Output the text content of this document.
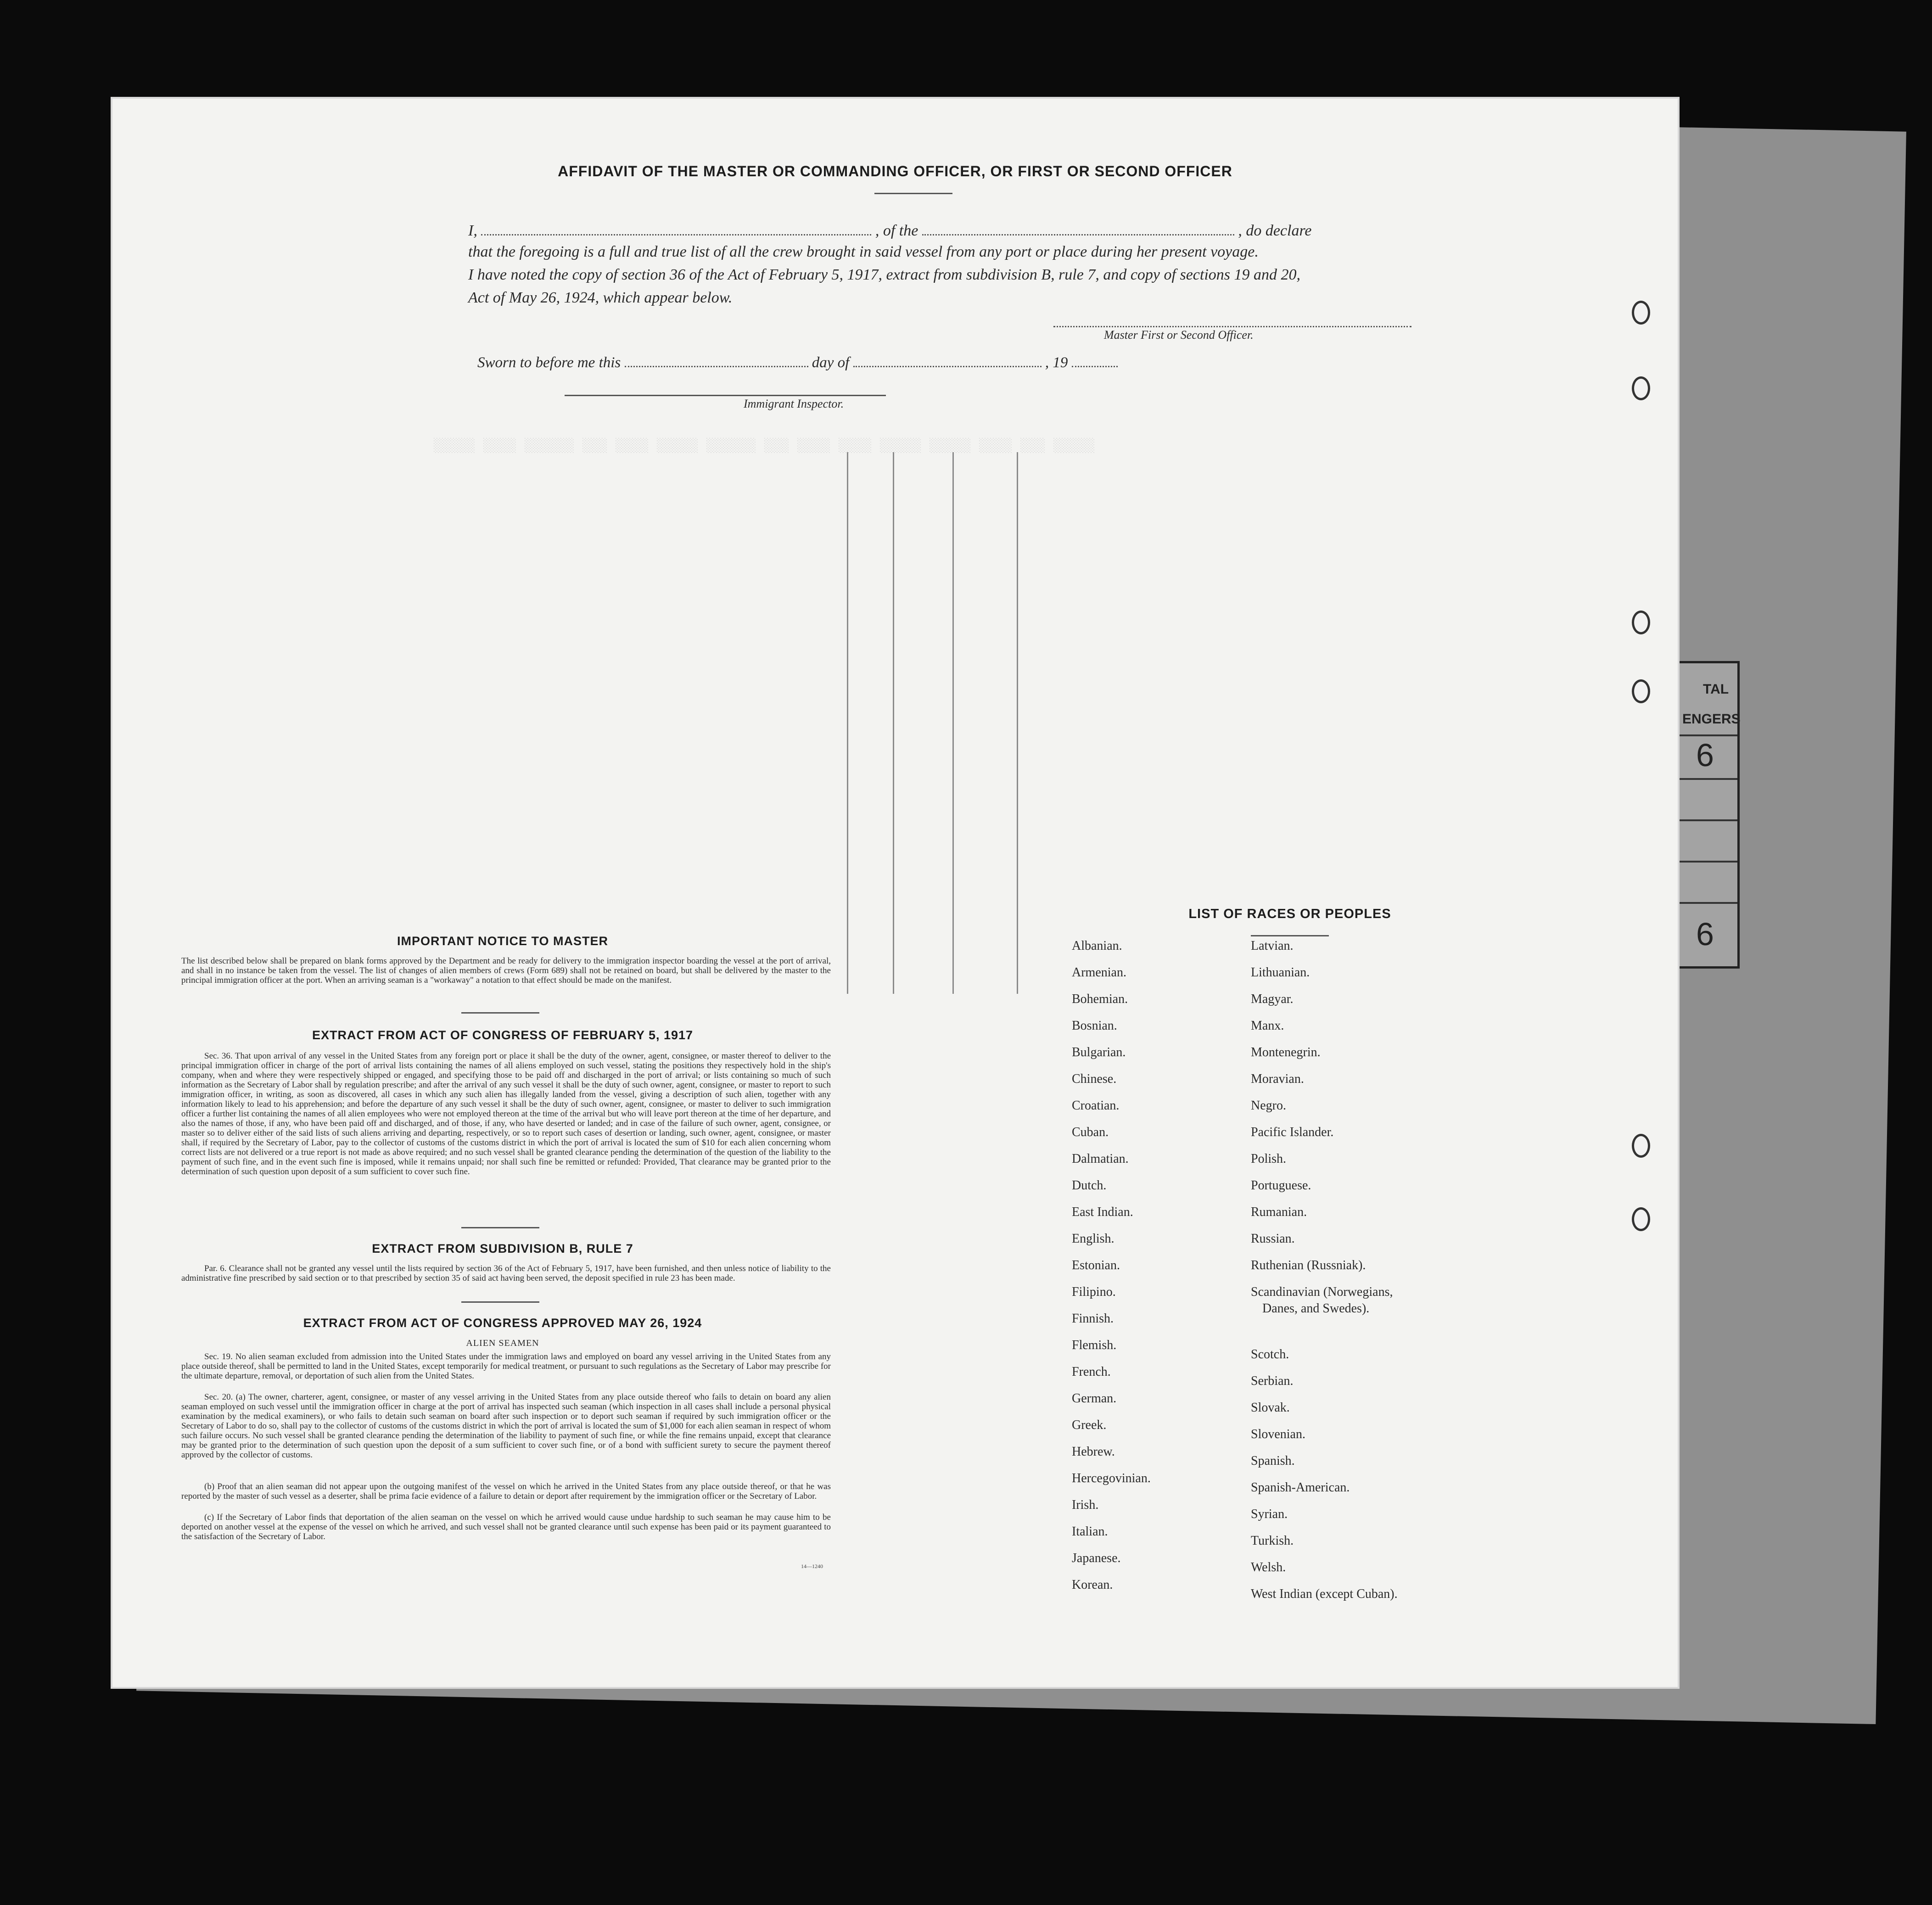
TAL
ENGERS
6
6
░░░░░ ░░░░ ░░░░░░ ░░░ ░░░░ ░░░░░ ░░░░░░ ░░░ ░░░░ ░░░░ ░░░░░ ░░░░░ ░░░░ ░░░ ░░░░░
AFFIDAVIT OF THE MASTER OR COMMANDING OFFICER, OR FIRST OR SECOND OFFICER
I,	, of the	, do declare
that the foregoing is a full and true list of all the crew brought in said vessel from any port or place during her present voyage.
I have noted the copy of section 36 of the Act of February 5, 1917, extract from subdivision B, rule 7, and copy of sections 19 and 20,
Act of May 26, 1924, which appear below.
Master First or Second Officer.
Sworn to before me this	day of	, 19
Immigrant Inspector.
IMPORTANT NOTICE TO MASTER
The list described below shall be prepared on blank forms approved by the Department and be ready for delivery to the immigration inspector boarding the vessel at the port of arrival, and shall in no instance be taken from the vessel. The list of changes of alien members of crews (Form 689) shall not be retained on board, but shall be delivered by the master to the principal immigration officer at the port. When an arriving seaman is a "workaway" a notation to that effect should be made on the manifest.
EXTRACT FROM ACT OF CONGRESS OF FEBRUARY 5, 1917
Sec. 36. That upon arrival of any vessel in the United States from any foreign port or place it shall be the duty of the owner, agent, consignee, or master thereof to deliver to the principal immigration officer in charge of the port of arrival lists containing the names of all aliens employed on such vessel, stating the positions they respectively hold in the ship's company, when and where they were respectively shipped or engaged, and specifying those to be paid off and discharged in the port of arrival; or lists containing so much of such information as the Secretary of Labor shall by regulation prescribe; and after the arrival of any such vessel it shall be the duty of such owner, agent, consignee, or master to report to such immigration officer, in writing, as soon as discovered, all cases in which any such alien has illegally landed from the vessel, giving a description of such alien, together with any information likely to lead to his apprehension; and before the departure of any such vessel it shall be the duty of such owner, agent, consignee, or master to deliver to such immigration officer a further list containing the names of all alien employees who were not employed thereon at the time of the arrival but who will leave port thereon at the time of her departure, and also the names of those, if any, who have been paid off and discharged, and of those, if any, who have deserted or landed; and in case of the failure of such owner, agent, consignee, or master so to deliver either of the said lists of such aliens arriving and departing, respectively, or so to report such cases of desertion or landing, such owner, agent, consignee, or master shall, if required by the Secretary of Labor, pay to the collector of customs of the customs district in which the port of arrival is located the sum of $10 for each alien concerning whom correct lists are not delivered or a true report is not made as above required; and no such vessel shall be granted clearance pending the determination of the question of the liability to the payment of such fine, and in the event such fine is imposed, while it remains unpaid; nor shall such fine be remitted or refunded: Provided, That clearance may be granted prior to the determination of such question upon deposit of a sum sufficient to cover such fine.
EXTRACT FROM SUBDIVISION B, RULE 7
Par. 6. Clearance shall not be granted any vessel until the lists required by section 36 of the Act of February 5, 1917, have been furnished, and then unless notice of liability to the administrative fine prescribed by said section or to that prescribed by section 35 of said act having been served, the deposit specified in rule 23 has been made.
EXTRACT FROM ACT OF CONGRESS APPROVED MAY 26, 1924
ALIEN SEAMEN
Sec. 19. No alien seaman excluded from admission into the United States under the immigration laws and employed on board any vessel arriving in the United States from any place outside thereof, shall be permitted to land in the United States, except temporarily for medical treatment, or pursuant to such regulations as the Secretary of Labor may prescribe for the ultimate departure, removal, or deportation of such alien from the United States.
Sec. 20. (a) The owner, charterer, agent, consignee, or master of any vessel arriving in the United States from any place outside thereof who fails to detain on board any alien seaman employed on such vessel until the immigration officer in charge at the port of arrival has inspected such seaman (which inspection in all cases shall include a personal physical examination by the medical examiners), or who fails to detain such seaman on board after such inspection or to deport such seaman if required by such immigration officer or the Secretary of Labor to do so, shall pay to the collector of customs of the customs district in which the port of arrival is located the sum of $1,000 for each alien seaman in respect of whom such failure occurs. No such vessel shall be granted clearance pending the determination of the liability to payment of such fine, or while the fine remains unpaid, except that clearance may be granted prior to the determination of such question upon the deposit of a sum sufficient to cover such fine, or of a bond with sufficient surety to secure the payment thereof approved by the collector of customs.
(b) Proof that an alien seaman did not appear upon the outgoing manifest of the vessel on which he arrived in the United States from any place outside thereof, or that he was reported by the master of such vessel as a deserter, shall be prima facie evidence of a failure to detain or deport after requirement by the immigration officer or the Secretary of Labor.
(c) If the Secretary of Labor finds that deportation of the alien seaman on the vessel on which he arrived would cause undue hardship to such seaman he may cause him to be deported on another vessel at the expense of the vessel on which he arrived, and such vessel shall not be granted clearance until such expense has been paid or its payment guaranteed to the satisfaction of the Secretary of Labor.
14—1240
LIST OF RACES OR PEOPLES
Albanian.
Armenian.
Bohemian.
Bosnian.
Bulgarian.
Chinese.
Croatian.
Cuban.
Dalmatian.
Dutch.
East Indian.
English.
Estonian.
Filipino.
Finnish.
Flemish.
French.
German.
Greek.
Hebrew.
Hercegovinian.
Irish.
Italian.
Japanese.
Korean.
Latvian.
Lithuanian.
Magyar.
Manx.
Montenegrin.
Moravian.
Negro.
Pacific Islander.
Polish.
Portuguese.
Rumanian.
Russian.
Ruthenian (Russniak).
Scandinavian (Norwegians,
Danes, and Swedes).
Scotch.
Serbian.
Slovak.
Slovenian.
Spanish.
Spanish-American.
Syrian.
Turkish.
Welsh.
West Indian (except Cuban).
